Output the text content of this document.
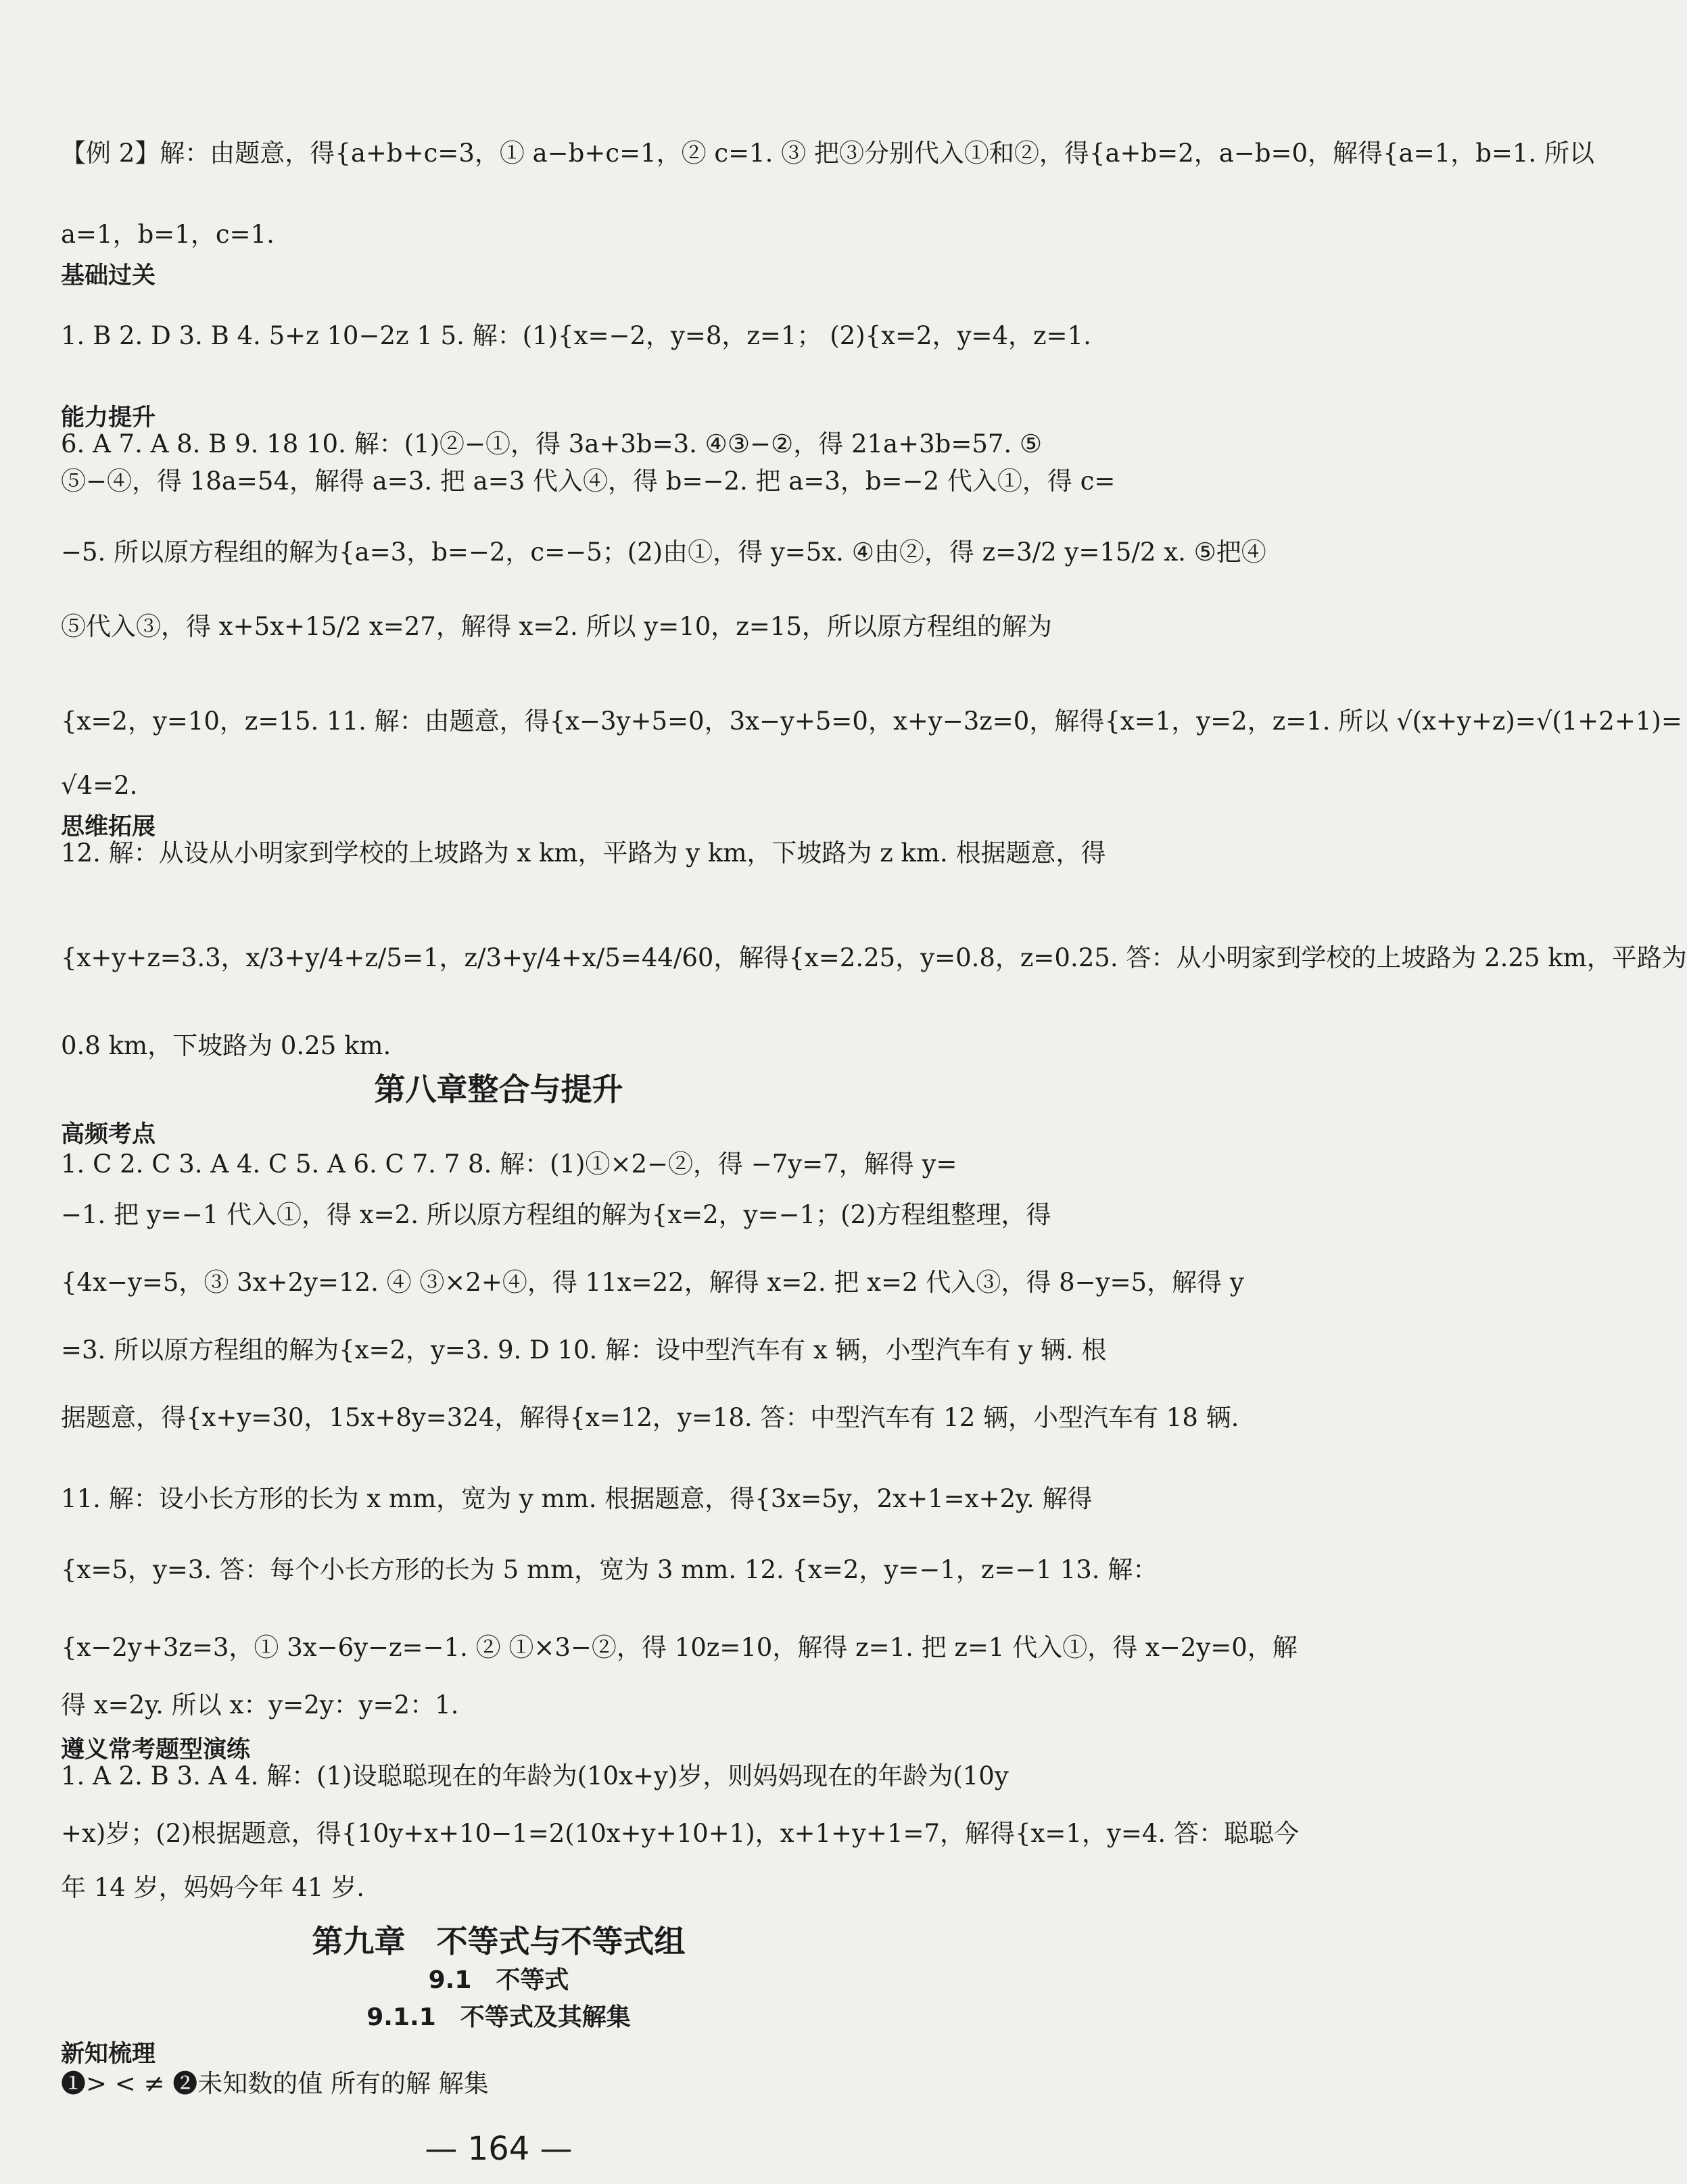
【例 2】解：由题意，得{a+b+c=3，① a−b+c=1，② c=1. ③ 把③分别代入①和②，得{a+b=2，a−b=0，解得{a=1，b=1. 所以
a=1，b=1，c=1.
基础过关
1. B 2. D 3. B 4. 5+z 10−2z 1 5. 解：(1){x=−2，y=8，z=1； (2){x=2，y=4，z=1.
能力提升
6. A 7. A 8. B 9. 18 10. 解：(1)②−①，得 3a+3b=3. ④③−②，得 21a+3b=57. ⑤
⑤−④，得 18a=54，解得 a=3. 把 a=3 代入④，得 b=−2. 把 a=3，b=−2 代入①，得 c=
−5. 所以原方程组的解为{a=3，b=−2，c=−5；(2)由①，得 y=5x. ④由②，得 z=3/2 y=15/2 x. ⑤把④
⑤代入③，得 x+5x+15/2 x=27，解得 x=2. 所以 y=10，z=15，所以原方程组的解为
{x=2，y=10，z=15. 11. 解：由题意，得{x−3y+5=0，3x−y+5=0，x+y−3z=0，解得{x=1，y=2，z=1. 所以 √(x+y+z)=√(1+2+1)=
√4=2.
思维拓展
12. 解：从设从小明家到学校的上坡路为 x km，平路为 y km，下坡路为 z km. 根据题意，得
{x+y+z=3.3，x/3+y/4+z/5=1，z/3+y/4+x/5=44/60，解得{x=2.25，y=0.8，z=0.25. 答：从小明家到学校的上坡路为 2.25 km，平路为
0.8 km，下坡路为 0.25 km.
第八章整合与提升
高频考点
1. C 2. C 3. A 4. C 5. A 6. C 7. 7 8. 解：(1)①×2−②，得 −7y=7，解得 y=
−1. 把 y=−1 代入①，得 x=2. 所以原方程组的解为{x=2，y=−1；(2)方程组整理，得
{4x−y=5，③ 3x+2y=12. ④ ③×2+④，得 11x=22，解得 x=2. 把 x=2 代入③，得 8−y=5，解得 y
=3. 所以原方程组的解为{x=2，y=3. 9. D 10. 解：设中型汽车有 x 辆，小型汽车有 y 辆. 根
据题意，得{x+y=30，15x+8y=324，解得{x=12，y=18. 答：中型汽车有 12 辆，小型汽车有 18 辆.
11. 解：设小长方形的长为 x mm，宽为 y mm. 根据题意，得{3x=5y，2x+1=x+2y. 解得
{x=5，y=3. 答：每个小长方形的长为 5 mm，宽为 3 mm. 12. {x=2，y=−1，z=−1 13. 解：
{x−2y+3z=3，① 3x−6y−z=−1. ② ①×3−②，得 10z=10，解得 z=1. 把 z=1 代入①，得 x−2y=0，解
得 x=2y. 所以 x：y=2y：y=2：1.
遵义常考题型演练
1. A 2. B 3. A 4. 解：(1)设聪聪现在的年龄为(10x+y)岁，则妈妈现在的年龄为(10y
+x)岁；(2)根据题意，得{10y+x+10−1=2(10x+y+10+1)，x+1+y+1=7，解得{x=1，y=4. 答：聪聪今
年 14 岁，妈妈今年 41 岁.
第九章　不等式与不等式组
9.1　不等式
9.1.1　不等式及其解集
新知梳理
❶> < ≠ ❷未知数的值 所有的解 解集
— 164 —
